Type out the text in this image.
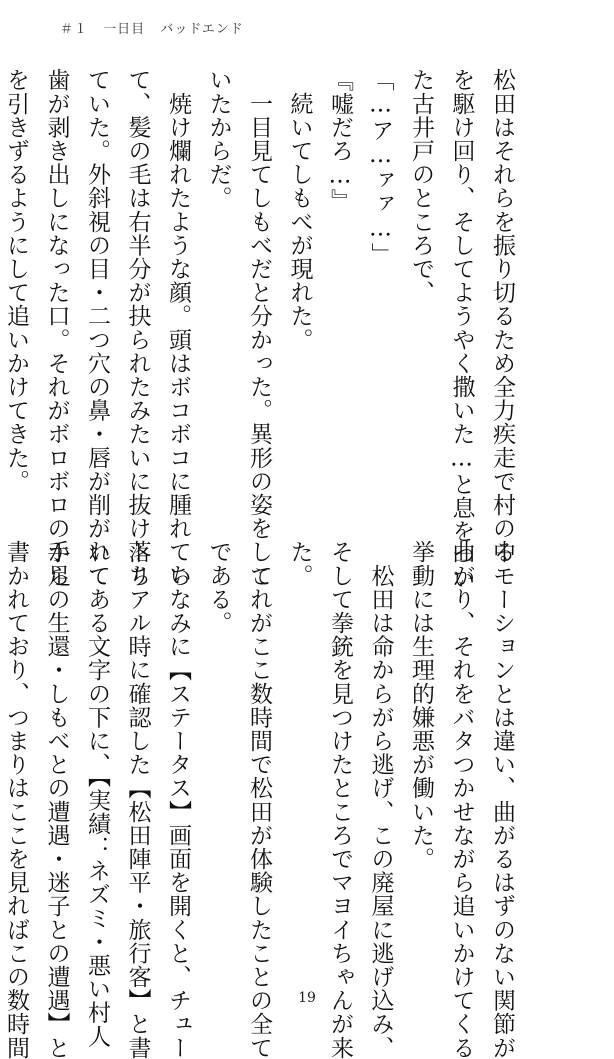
＃１ 一日目 バッドエンド
松田はそれらを振り切るため全力疾走で村の中
を駆け回り、そしてようやく撒いた…と息をつい
た古井戸のところで、
「…ア…ァァ…」
『嘘だろ…』
　続いてしもべが現れた。
　一目見てしもべだと分かった。異形の姿をして
いたからだ。
　焼け爛れたような顔。頭はボコボコに腫れてい
て、髪の毛は右半分が抉られたみたいに抜け落ち
ていた。外斜視の目・二つ穴の鼻・唇が削がれて
歯が剥き出しになった口。それがボロボロの手足
を引きずるようにして追いかけてきた。
るモーションとは違い、曲がるはずのない関節が
曲がり、それをバタつかせながら追いかけてくる
挙動には生理的嫌悪が働いた。
　松田は命からがら逃げ、この廃屋に逃げ込み、
そして拳銃を見つけたところでマヨイちゃんが来
た。
　これがここ数時間で松田が体験したことの全て
である。
　ちなみに【ステータス】画面を開くと、チュー
トリアル時に確認した【松田陣平・旅行客】と書
いてある文字の下に、【実績：ネズミ・悪い村人
からの生還・しもべとの遭遇・迷子との遭遇】と
書かれており、つまりはここを見ればこの数時間	19
